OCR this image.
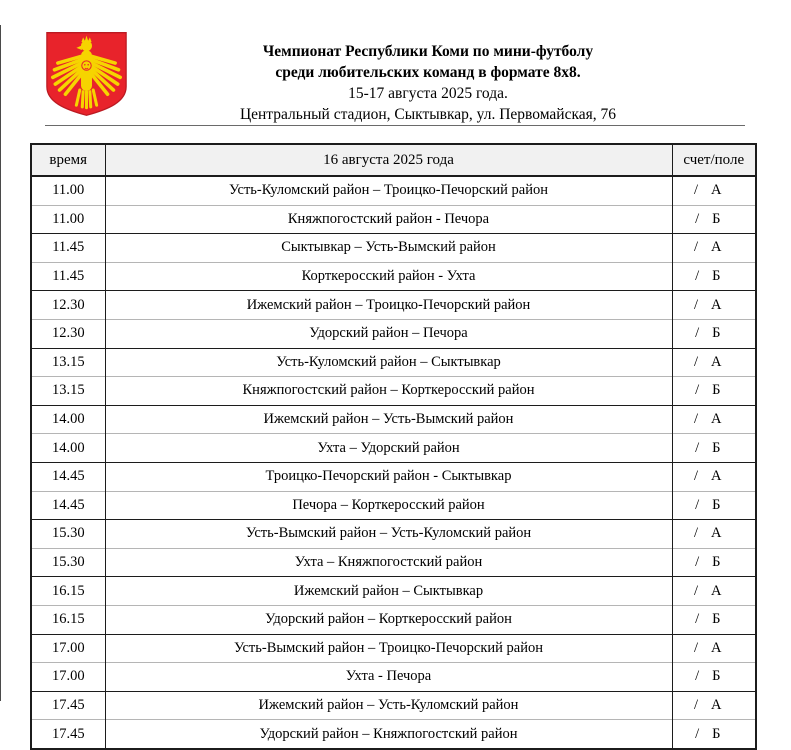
Чемпионат Республики Коми по мини-футболу
среди любительских команд в формате 8х8.
15-17 августа 2025 года.
Центральный стадион, Сыктывкар, ул. Первомайская, 76
время	16 августа 2025 года	счет/поле
11.00	Усть-Куломский район – Троицко-Печорский район	/ А
11.00	Княжпогостский район - Печора	/ Б
11.45	Сыктывкар – Усть-Вымский район	/ А
11.45	Корткеросский район - Ухта	/ Б
12.30	Ижемский район – Троицко-Печорский район	/ А
12.30	Удорский район – Печора	/ Б
13.15	Усть-Куломский район – Сыктывкар	/ А
13.15	Княжпогостский район – Корткеросский район	/ Б
14.00	Ижемский район – Усть-Вымский район	/ А
14.00	Ухта – Удорский район	/ Б
14.45	Троицко-Печорский район - Сыктывкар	/ А
14.45	Печора – Корткеросский район	/ Б
15.30	Усть-Вымский район – Усть-Куломский район	/ А
15.30	Ухта – Княжпогостский район	/ Б
16.15	Ижемский район – Сыктывкар	/ А
16.15	Удорский район – Корткеросский район	/ Б
17.00	Усть-Вымский район – Троицко-Печорский район	/ А
17.00	Ухта - Печора	/ Б
17.45	Ижемский район – Усть-Куломский район	/ А
17.45	Удорский район – Княжпогостский район	/ Б
